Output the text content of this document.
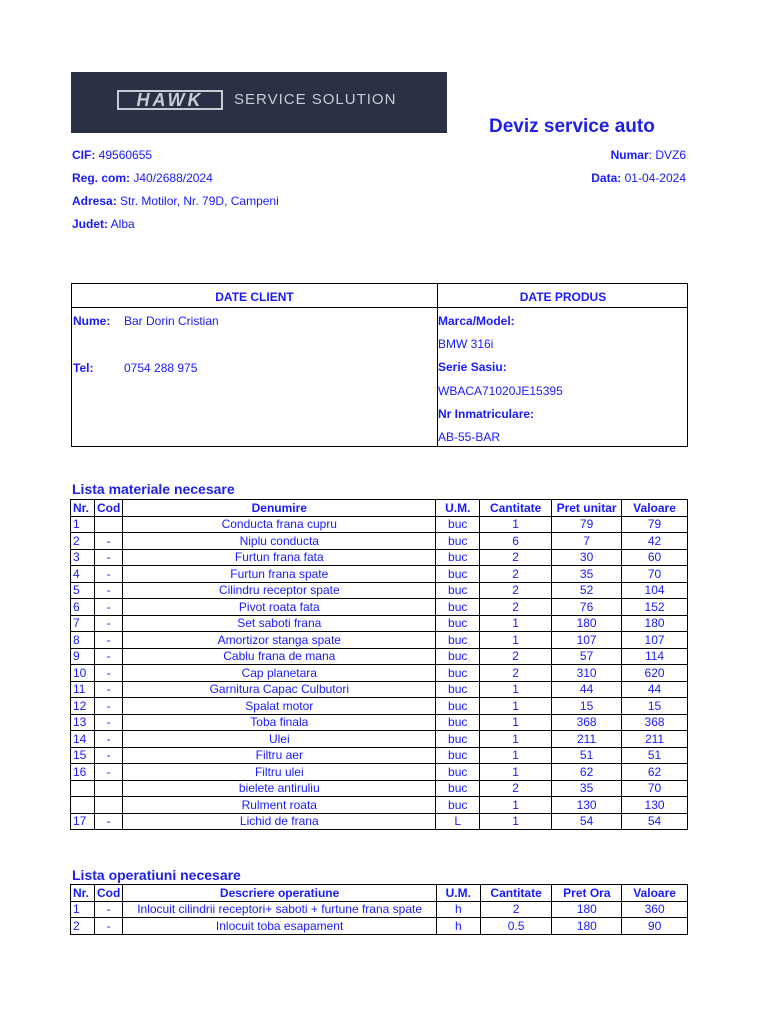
HAWK	SERVICE SOLUTION
Deviz service auto
CIF: 49560655
Reg. com: J40/2688/2024
Adresa: Str. Motilor, Nr. 79D, Campeni
Judet: Alba
Numar: DVZ6
Data: 01-04-2024
DATE CLIENT	DATE PRODUS
Nume: Bar Dorin Cristian
Tel:	0754 288 975
Marca/Model:
BMW 316i
Serie Sasiu:
WBACA71020JE15395
Nr Inmatriculare:
AB-55-BAR
Lista materiale necesare
Nr.	Cod	Denumire	U.M.	Cantitate	Pret unitar	Valoare
1		Conducta frana cupru	buc	1	79	79
2	-	Niplu conducta	buc	6	7	42
3	-	Furtun frana fata	buc	2	30	60
4	-	Furtun frana spate	buc	2	35	70
5	-	Cilindru receptor spate	buc	2	52	104
6	-	Pivot roata fata	buc	2	76	152
7	-	Set saboti frana	buc	1	180	180
8	-	Amortizor stanga spate	buc	1	107	107
9	-	Cablu frana de mana	buc	2	57	114
10	-	Cap planetara	buc	2	310	620
11	-	Garnitura Capac Culbutori	buc	1	44	44
12	-	Spalat motor	buc	1	15	15
13	-	Toba finala	buc	1	368	368
14	-	Ulei	buc	1	211	211
15	-	Filtru aer	buc	1	51	51
16	-	Filtru ulei	buc	1	62	62
		bielete antiruliu	buc	2	35	70
		Rulment roata	buc	1	130	130
17	-	Lichid de frana	L	1	54	54
Lista operatiuni necesare
Nr.	Cod	Descriere operatiune	U.M.	Cantitate	Pret Ora	Valoare
1	-	Inlocuit cilindrii receptori+ saboti + furtune frana spate	h	2	180	360
2	-	Inlocuit toba esapament	h	0.5	180	90
